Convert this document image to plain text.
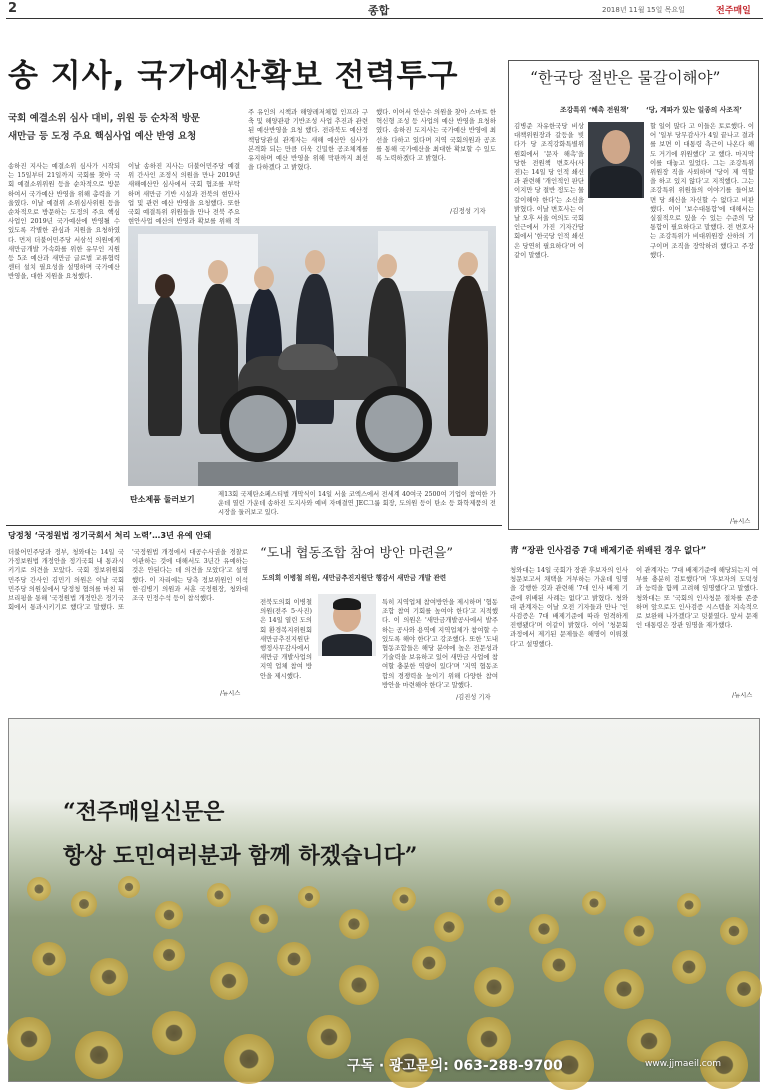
2	종합	2018년 11월 15일 목요일	전주매일
송 지사, 국가예산확보 전력투구
국회 예결소위 심사 대비, 위원 등 순차적 방문
새만금 등 도정 주요 핵심사업 예산 반영 요청
송하진 지사는 예결소위 심사가 시작되는 15일부터 21일까지 국회를 찾아 국회 예결소위위원 등을 순차적으로 방문하여서 국가예산 반영을 위해 총력을 기울였다. 이날 예결위 소위심사위원 등을 순차적으로 방문하는 도정의 주요 핵심사업인 2019년 국가예산에 반영될 수 있도록 각별한 관심과 지원을 요청하였다. 먼저 더불어민주당 서삼석 의원에게 새만금개발 가속화를 위한 유무인 지원 등 5조 예산과 새만금 글로벌 교류협력센터 설치 필요성을 설명하며 국가예산 반영을, 대한 지원을 요청했다.
이날 송하진 지사는 더불어민주당 예결위 간사인 조정식 의원을 만나 2019년 새해예산안 심사에서 국회 협조를 부탁하며 새만금 기반 시설과 전북의 현안사업 및 관련 예산 반영을 요청했다. 또한 국회 예결특위 위원들을 만나 전북 주요 현안사업 예산의 반영과 확보를 위해 적
주 유인의 시책과 해양레저체험 인프라 구축 및 해양관광 기반조성 사업 추진과 관련된 예산반영을 요청 했다. 전라북도 예산정책담당관실 관계자는 새해 예산안 심사가 본격화 되는 만큼 더욱 긴밀한 공조체계를 유지하며 예산 반영을 위해 막판까지 최선을 다하겠다 고 밝혔다.
했다. 이어서 안산수 의원을 찾아 스마트 한 혁신형 조성 등 사업의 예산 반영을 요청하였다. 송하진 도지사는 국가예산 반영에 최선을 다하고 있다며 지역 국회의원과 공조를 통해 국가예산을 최대한 확보할 수 있도록 노력하겠다 고 밝혔다.
/김정성 기자
탄소제품 둘러보기
제13회 국제탄소페스티벌 개막식이 14일 서울 코엑스에서 전세계 40여국 2500여 기업이 참여한 가운데 열린 가운데 송하진 도지사와 예비 자매결연 JEC그룹 회장, 도의원 등이 탄소 등 화학제품의 전시장을 둘러보고 있다.
“한국당 절반은 물갈이해야”
조강특위 ‘혜촉 전원책’	‘당, 계파가 있는 일종의 사조직’
김병준 자유한국당 비상대책위원장과 갈등을 빚다가 당 조직강화특별위원회에서 '문자 해촉'을 당한 전원책 변호사(사진)는 14일 당 인적 쇄신과 관련해 '개인적인 판단이지만 당 절반 정도는 물갈이해야 한다'는 소신을 밝혔다. 이날 변호사는 이날 오후 서울 여의도 국회 인근에서 가진 기자간담회에서 '한국당 인적 쇄신은 당연히 필요하다'며 이같이 말했다.
할 일이 많다 고 이들은 토로했다. 이어 '일부 당무감사가 4일 끝나고 결과를 보면 이 대통령 측근이 나온다 해도 거기에 위원했다' 고 했다. 마지막 이를 대놓고 있었다. 그는 조강특위 위원장 직을 사퇴하며 '당이 제 역할을 하고 있지 않다'고 지적했다. 그는 조강특위 위원들의 이야기를 들어보면 당 쇄신을 자신할 수 없다고 비판했다. 이어 '보수대통합'에 대해서는 실질적으로 있을 수 있는 수준의 당 통합이 필요하다고 말했다. 전 변호사는 조강특위가 비대위원장 산하의 기구이며 조직을 장악하려 했다고 주장했다.
/뉴시스
당정청 ‘국정원법 정기국회서 처리 노력’…3년 유예 안돼
더불어민주당과 정부, 청와대는 14일 국가정보원법 개정안을 정기국회 내 통과시키기로 의견을 모았다. 국회 정보위원회 민주당 간사인 김민기 의원은 이날 국회 민주당 의원실에서 당정청 협의를 마친 뒤 브리핑을 통해 '국정원법 개정안은 정기국회에서 통과시키기로 했다'고 말했다. 또 '국정원법 개정에서 대공수사권을 경찰로 이관하는 것에 대해서도 3년간 유예하는 것은 안된다는 데 의견을 모았다'고 설명했다. 이 자리에는 당측 정보위원인 이석현·김병기 의원과 서훈 국정원장, 청와대 조국 민정수석 등이 참석했다.
/뉴시스
“도내 협동조합 참여 방안 마련을”
도의회 이병철 의원, 새만금추진지원단 행감서 새만금 개발 관련
전북도의회 이병철 의원(전주 5·사진)은 14일 열린 도의회 환경복지위원회 새만금추진지원단 행정사무감사에서 새만금 개발사업의 지역 업체 참여 방안을 제시했다.
특히 지역업체 참여방안을 제시하며 '협동조합 참여 기회를 높여야 한다'고 지적했다. 이 의원은 '새만금개발공사에서 발주하는 공사와 용역에 지역업체가 참여할 수 있도록 해야 한다'고 강조했다. 또한 '도내 협동조합들은 해당 분야에 높은 전문성과 기술력을 보유하고 있어 새만금 사업에 참여할 충분한 역량이 있다'며 '지역 협동조합의 경쟁력을 높이기 위해 다양한 참여 방안을 마련해야 한다'고 말했다.
/김진성 기자
靑 “장관 인사검증 7대 배제기준 위배된 경우 없다”
청와대는 14일 국회가 장관 후보자의 인사청문보고서 채택을 거부하는 가운데 임명을 강행한 것과 관련해 '7대 인사 배제 기준에 위배된 사례는 없다'고 밝혔다. 청와대 관계자는 이날 오전 기자들과 만나 '인사검증은 7대 배제기준에 따라 엄격하게 진행됐다'며 이같이 밝혔다. 이어 '청문회 과정에서 제기된 문제들은 해명이 이뤄졌다'고 설명했다.
이 관계자는 '7대 배제기준에 해당되는지 여부를 충분히 검토했다'며 '후보자의 도덕성과 능력을 함께 고려해 임명했다'고 말했다. 청와대는 또 '국회의 인사청문 절차를 존중하며 앞으로도 인사검증 시스템을 지속적으로 보완해 나가겠다'고 덧붙였다. 앞서 문재인 대통령은 장관 임명을 재가했다.
/뉴시스
“전주매일신문은
항상 도민여러분과 함께 하겠습니다”
구독 · 광고문의: 063-288-9700	www.jjmaeil.com
